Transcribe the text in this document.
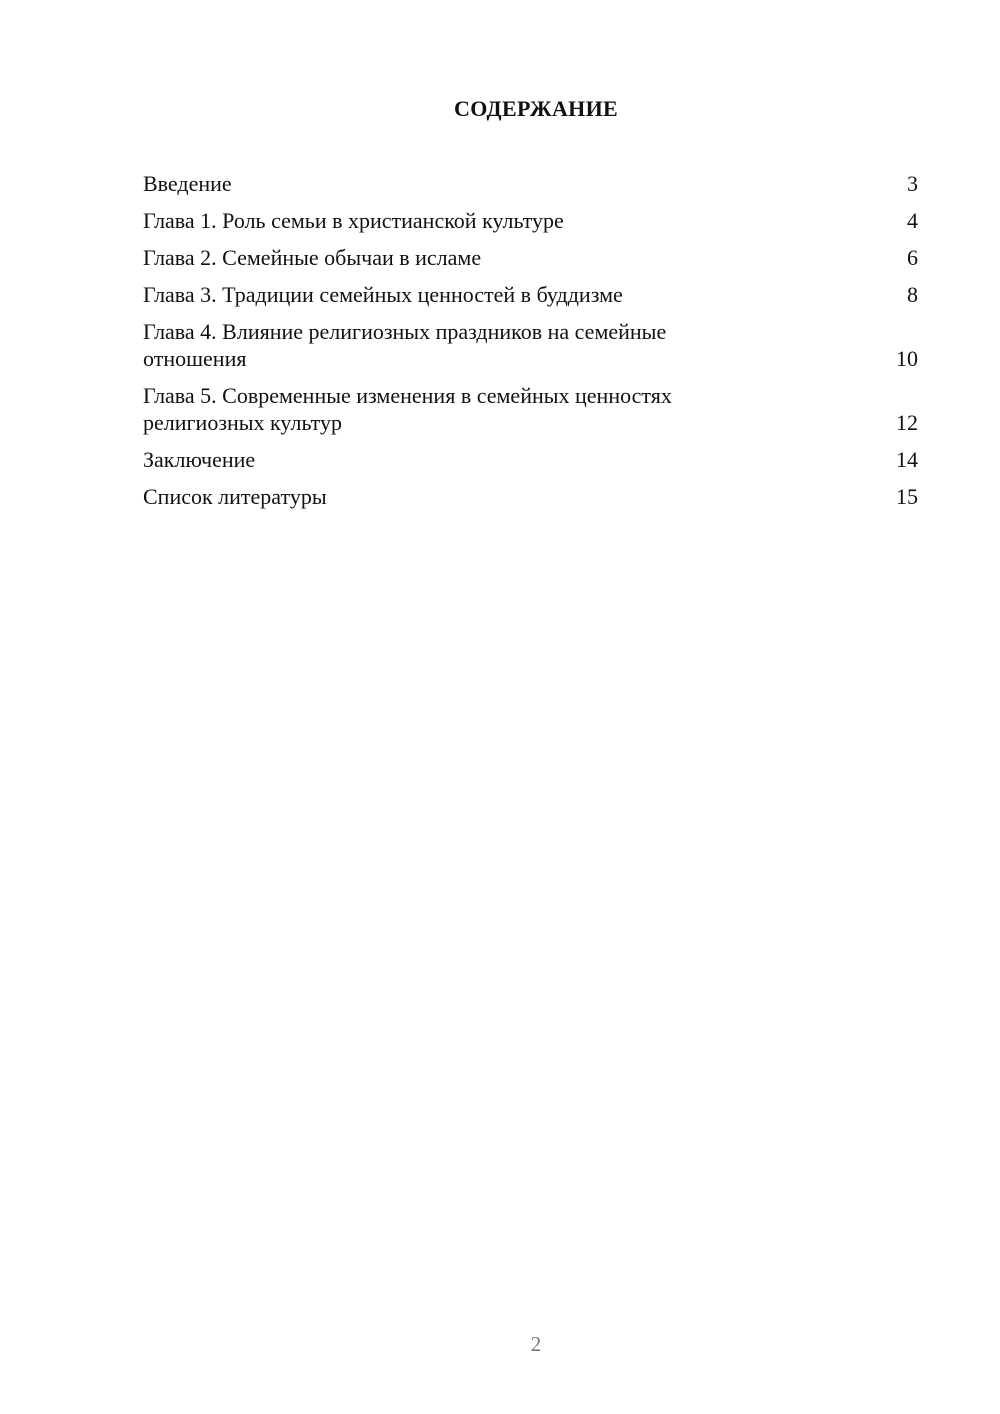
СОДЕРЖАНИЕ
Введение	3
Глава 1. Роль семьи в христианской культуре	4
Глава 2. Семейные обычаи в исламе	6
Глава 3. Традиции семейных ценностей в буддизме	8
Глава 4. Влияние религиозных праздников на семейные отношения	10
Глава 5. Современные изменения в семейных ценностях религиозных культур	12
Заключение	14
Список литературы	15
2
